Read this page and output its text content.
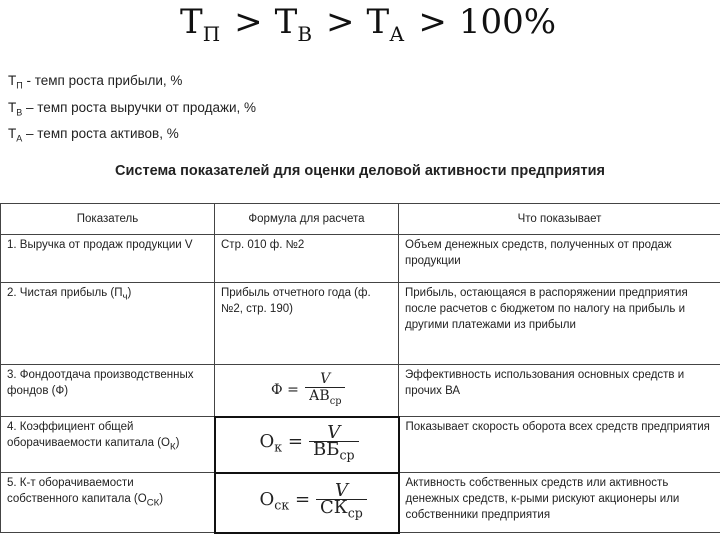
$T_П > T_В > T_А > 100\%$
$T_П$ - темп роста прибыли, %
$T_В$ – темп роста выручки от продажи, %
$T_А$ – темп роста активов, %
Система показателей для оценки деловой активности предприятия
Показатель	Формула для расчета	Что показывает
1. Выручка от продаж продукции V	Стр. 010 ф. №2	Объем денежных средств, полученных от продаж продукции
2. Чистая прибыль $(П_ч)$	Прибыль отчетного года (ф. №2, стр. 190)	Прибыль, остающаяся в распоряжении предприятия после расчетов с бюджетом по налогу на прибыль и другими платежами из прибыли
3. Фондоотдача производственных фондов (Ф)	$Ф = \frac{V}{АВ_{ср}}$	Эффективность использования основных средств и прочих ВА
4. Коэффициент общей оборачиваемости капитала $(О_К)$	$О_к = \frac{V}{ВБ_{ср}}$	Показывает скорость оборота всех средств предприятия
5. К-т оборачиваемости собственного капитала $(О_{СК})$	$О_{ск} = \frac{V}{СК_{ср}}$	Активность собственных средств или активность денежных средств, к-рыми рискуют акционеры или собственники предприятия
